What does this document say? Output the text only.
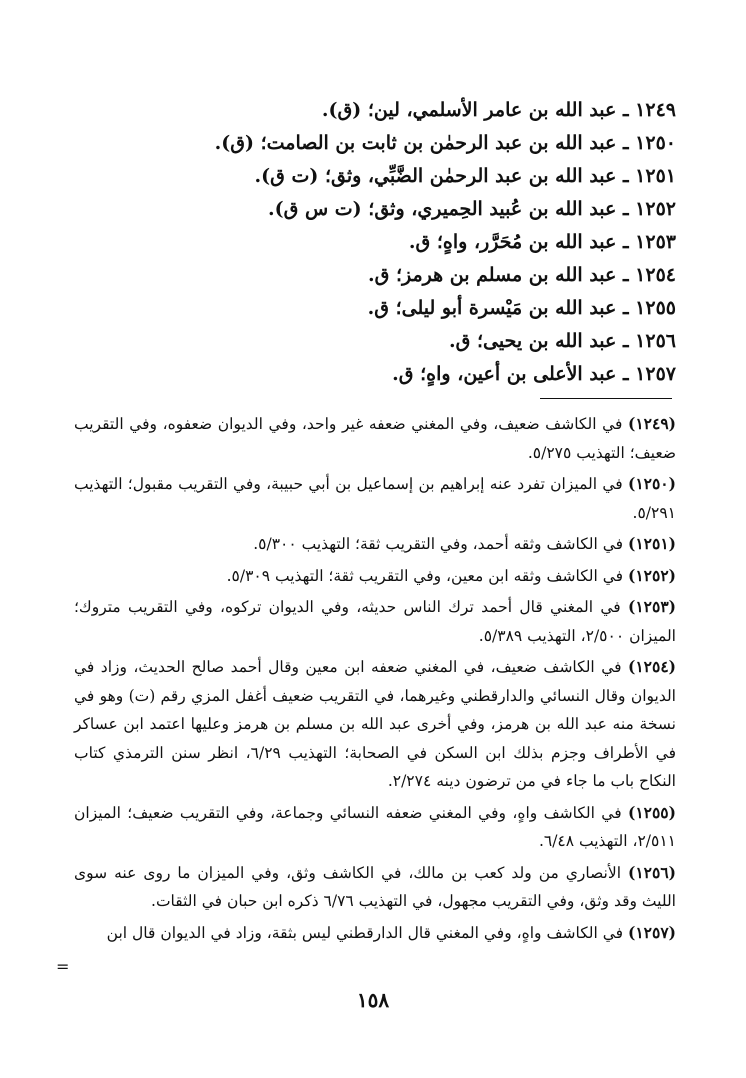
١٢٤٩ ـ عبد الله بن عامر الأسلمي، لين؛ (ق).
١٢٥٠ ـ عبد الله بن عبد الرحمٰن بن ثابت بن الصامت؛ (ق).
١٢٥١ ـ عبد الله بن عبد الرحمٰن الضَّبِّي، وثق؛ (ت ق).
١٢٥٢ ـ عبد الله بن عُبيد الحِميري، وثق؛ (ت س ق).
١٢٥٣ ـ عبد الله بن مُحَرَّر، واهٍ؛ ق.
١٢٥٤ ـ عبد الله بن مسلم بن هرمز؛ ق.
١٢٥٥ ـ عبد الله بن مَيْسرة أبو ليلى؛ ق.
١٢٥٦ ـ عبد الله بن يحيى؛ ق.
١٢٥٧ ـ عبد الأعلى بن أعين، واهٍ؛ ق.
(١٢٤٩) في الكاشف ضعيف، وفي المغني ضعفه غير واحد، وفي الديوان ضعفوه، وفي التقريب ضعيف؛ التهذيب ٥/٢٧٥.
(١٢٥٠) في الميزان تفرد عنه إبراهيم بن إسماعيل بن أبي حبيبة، وفي التقريب مقبول؛ التهذيب ٥/٢٩١.
(١٢٥١) في الكاشف وثقه أحمد، وفي التقريب ثقة؛ التهذيب ٥/٣٠٠.
(١٢٥٢) في الكاشف وثقه ابن معين، وفي التقريب ثقة؛ التهذيب ٥/٣٠٩.
(١٢٥٣) في المغني قال أحمد ترك الناس حديثه، وفي الديوان تركوه، وفي التقريب متروك؛ الميزان ٢/٥٠٠، التهذيب ٥/٣٨٩.
(١٢٥٤) في الكاشف ضعيف، في المغني ضعفه ابن معين وقال أحمد صالح الحديث، وزاد في الديوان وقال النسائي والدارقطني وغيرهما، في التقريب ضعيف أغفل المزي رقم (ت) وهو في نسخة منه عبد الله بن هرمز، وفي أخرى عبد الله بن مسلم بن هرمز وعليها اعتمد ابن عساكر في الأطراف وجزم بذلك ابن السكن في الصحابة؛ التهذيب ٦/٢٩، انظر سنن الترمذي كتاب النكاح باب ما جاء في من ترضون دينه ٢/٢٧٤.
(١٢٥٥) في الكاشف واهٍ، وفي المغني ضعفه النسائي وجماعة، وفي التقريب ضعيف؛ الميزان ٢/٥١١، التهذيب ٦/٤٨.
(١٢٥٦) الأنصاري من ولد كعب بن مالك، في الكاشف وثق، وفي الميزان ما روى عنه سوى الليث وقد وثق، وفي التقريب مجهول، في التهذيب ٦/٧٦ ذكره ابن حبان في الثقات.
(١٢٥٧) في الكاشف واهٍ، وفي المغني قال الدارقطني ليس بثقة، وزاد في الديوان قال ابن
=
١٥٨
